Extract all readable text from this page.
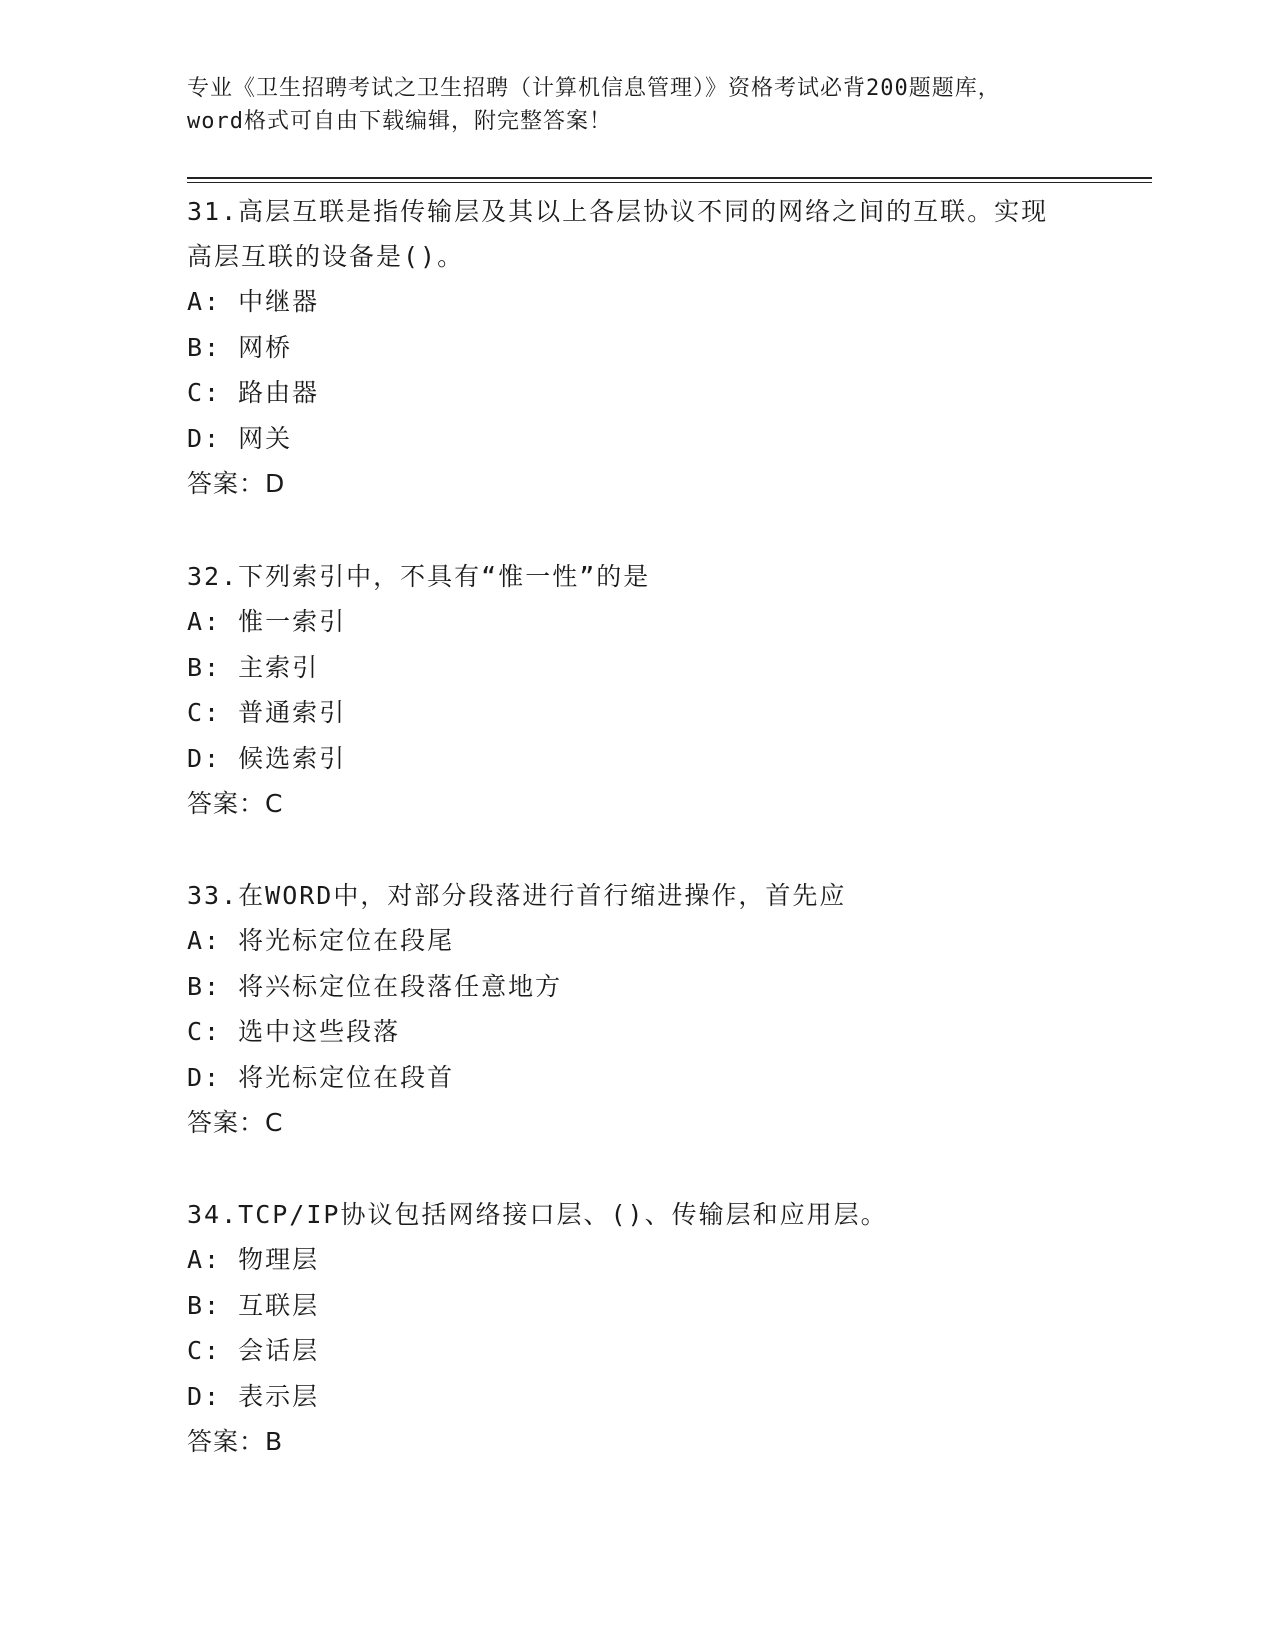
专业《卫生招聘考试之卫生招聘（计算机信息管理）》资格考试必背200题题库，
word格式可自由下载编辑，附完整答案！

31.高层互联是指传输层及其以上各层协议不同的网络之间的互联。实现高层互联的设备是()。

A: 中继器

B: 网桥

C: 路由器

D: 网关

答案：D

32.下列索引中，不具有“惟一性”的是

A: 惟一索引

B: 主索引

C: 普通索引

D: 候选索引

答案：C

33.在WORD中，对部分段落进行首行缩进操作，首先应

A: 将光标定位在段尾

B: 将兴标定位在段落任意地方

C: 选中这些段落

D: 将光标定位在段首

答案：C

34.TCP/IP协议包括网络接口层、()、传输层和应用层。

A: 物理层

B: 互联层

C: 会话层

D: 表示层

答案：B
